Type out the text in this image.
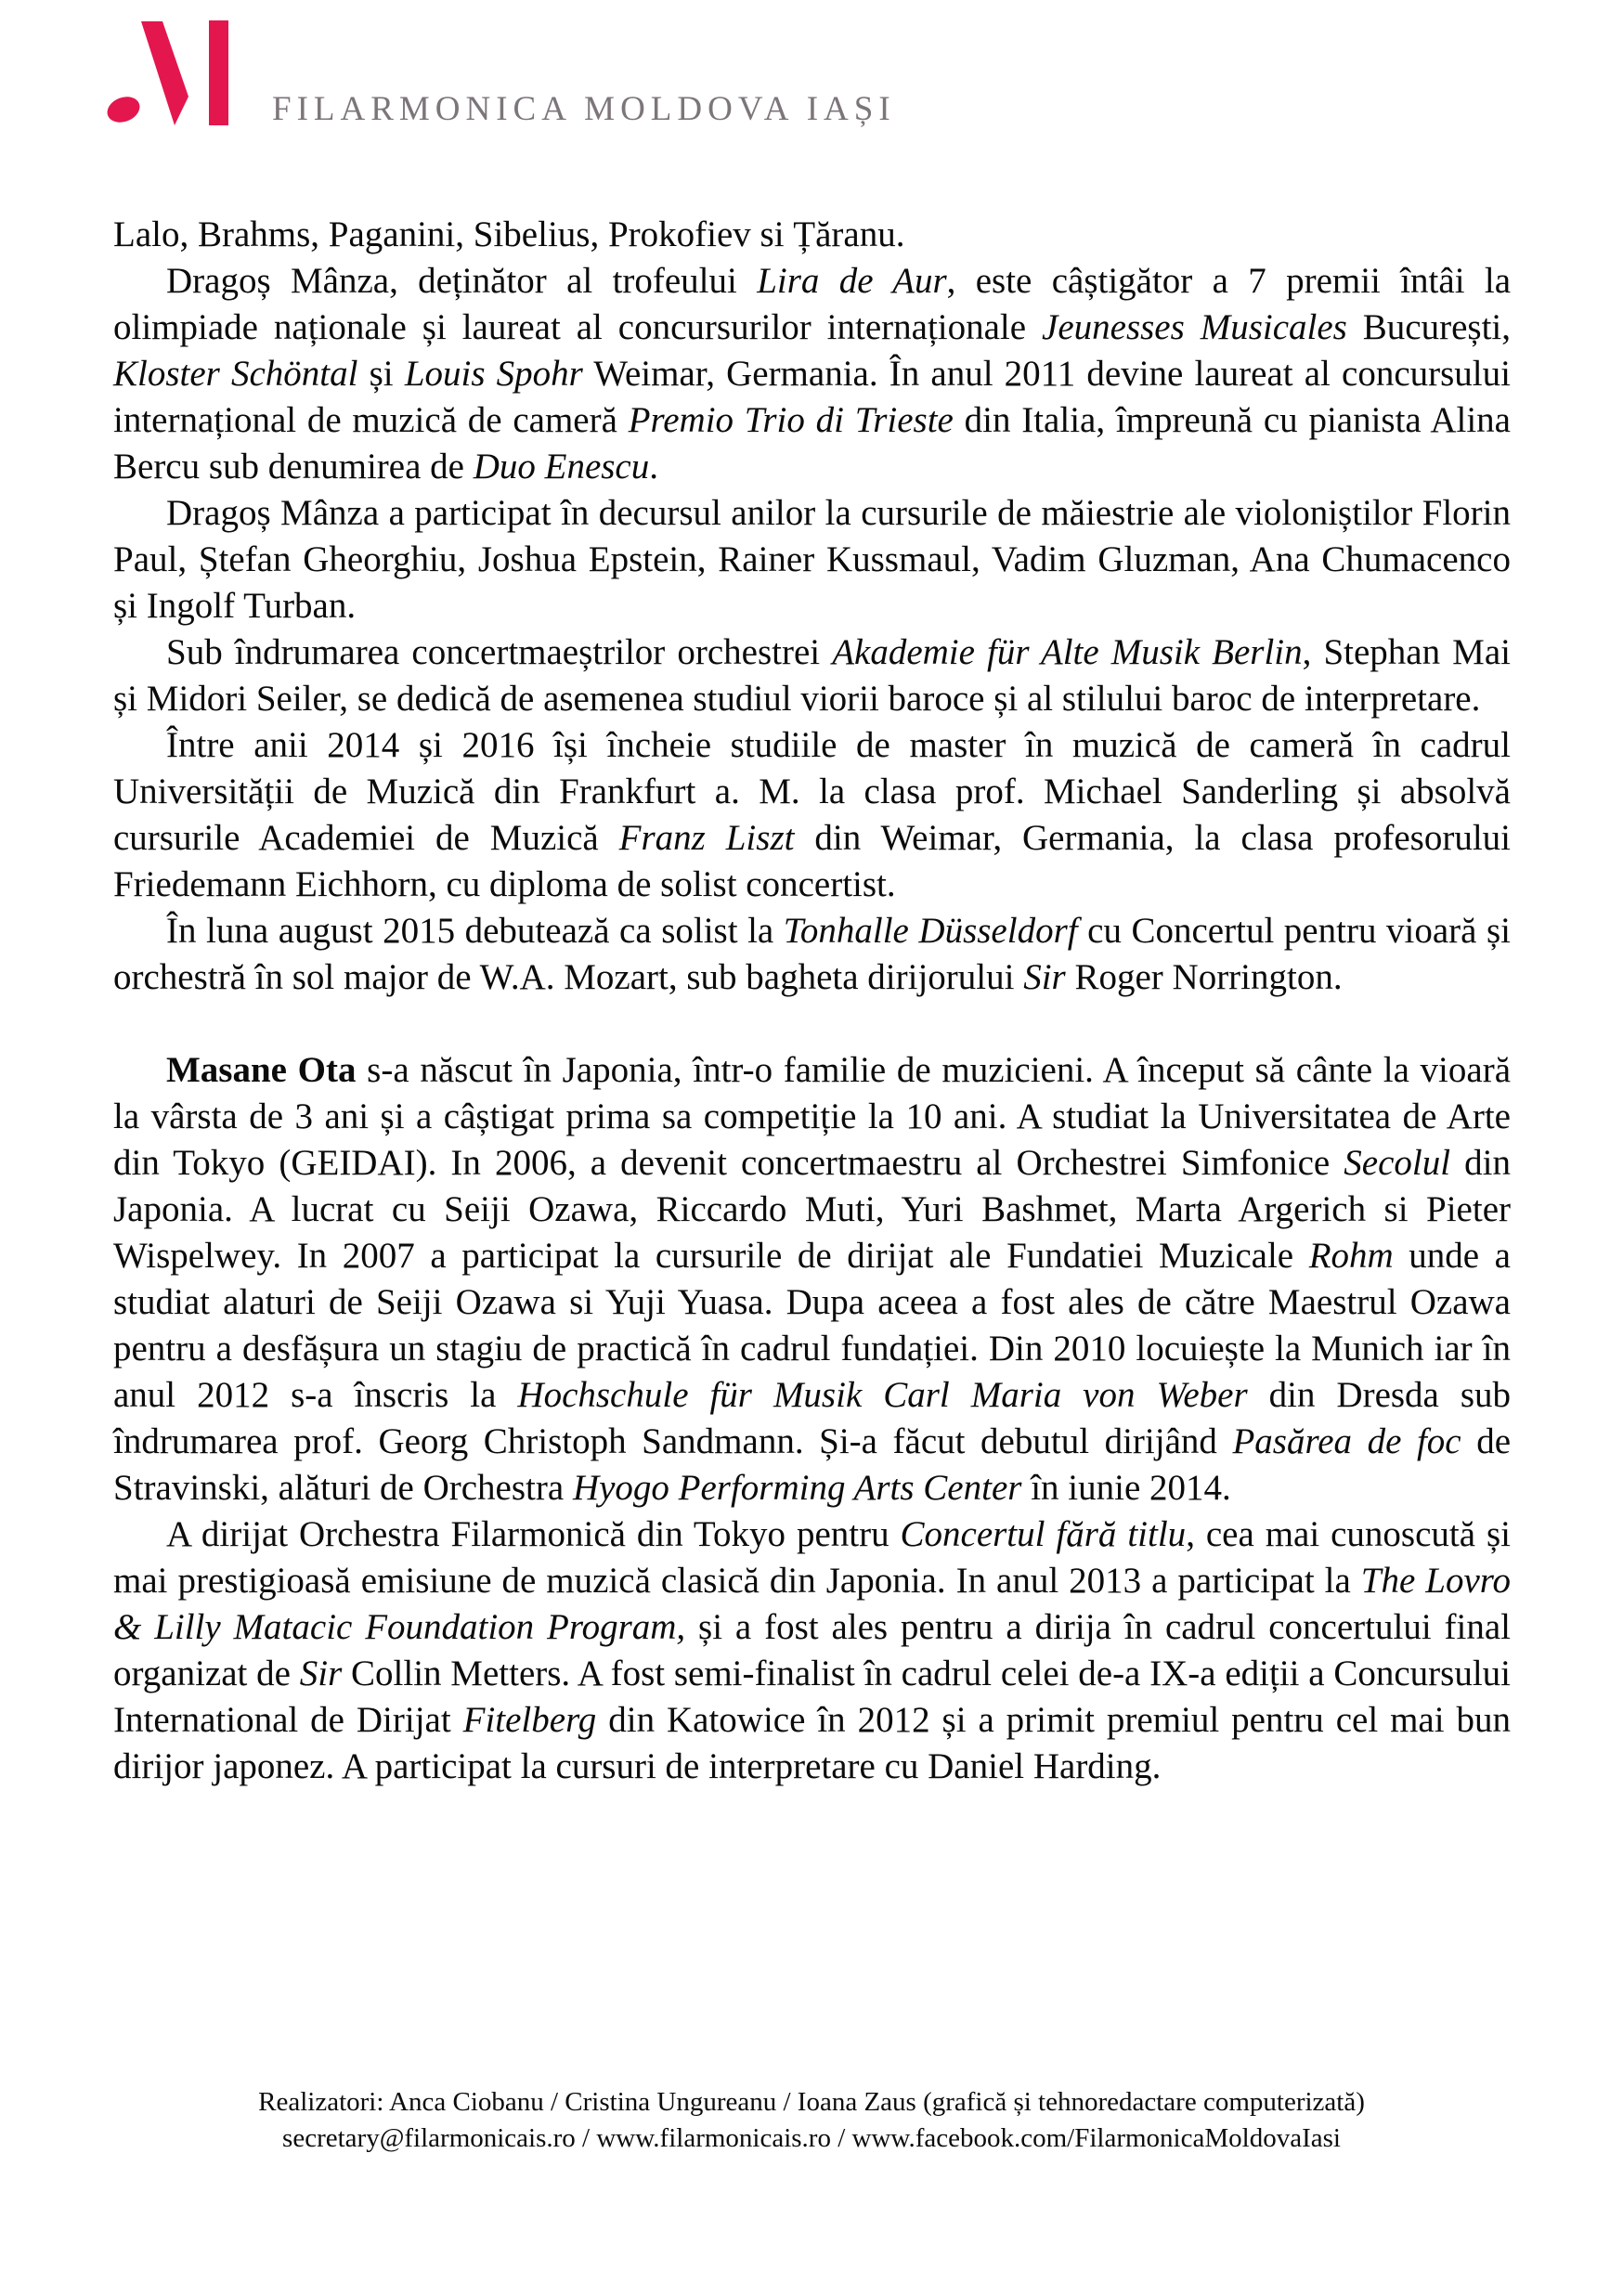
FILARMONICA MOLDOVA IAȘI

Lalo, Brahms, Paganini, Sibelius, Prokofiev si Țăranu.

Dragoș Mânza, deținător al trofeului Lira de Aur, este câștigător a 7 premii întâi la olimpiade naționale și laureat al concursurilor internaționale Jeunesses Musicales București, Kloster Schöntal și Louis Spohr Weimar, Germania. În anul 2011 devine laureat al concursului internațional de muzică de cameră Premio Trio di Trieste din Italia, împreună cu pianista Alina Bercu sub denumirea de Duo Enescu.

Dragoș Mânza a participat în decursul anilor la cursurile de măiestrie ale violoniștilor Florin Paul, Ștefan Gheorghiu, Joshua Epstein, Rainer Kussmaul, Vadim Gluzman, Ana Chumacenco și Ingolf Turban.

Sub îndrumarea concertmaeștrilor orchestrei Akademie für Alte Musik Berlin, Stephan Mai și Midori Seiler, se dedică de asemenea studiul viorii baroce și al stilului baroc de interpretare.

Între anii 2014 și 2016 își încheie studiile de master în muzică de cameră în cadrul Universității de Muzică din Frankfurt a. M. la clasa prof. Michael Sanderling și absolvă cursurile Academiei de Muzică Franz Liszt din Weimar, Germania, la clasa profesorului Friedemann Eichhorn, cu diploma de solist concertist.

În luna august 2015 debutează ca solist la Tonhalle Düsseldorf cu Concertul pentru vioară și orchestră în sol major de W.A. Mozart, sub bagheta dirijorului Sir Roger Norrington.

Masane Ota s-a născut în Japonia, într-o familie de muzicieni. A început să cânte la vioară la vârsta de 3 ani și a câștigat prima sa competiție la 10 ani. A studiat la Universitatea de Arte din Tokyo (GEIDAI). In 2006, a devenit concertmaestru al Orchestrei Simfonice Secolul din Japonia. A lucrat cu Seiji Ozawa, Riccardo Muti, Yuri Bashmet, Marta Argerich si Pieter Wispelwey. In 2007 a participat la cursurile de dirijat ale Fundatiei Muzicale Rohm unde a studiat alaturi de Seiji Ozawa si Yuji Yuasa. Dupa aceea a fost ales de către Maestrul Ozawa pentru a desfășura un stagiu de practică în cadrul fundației. Din 2010 locuiește la Munich iar în anul 2012 s-a înscris la Hochschule für Musik Carl Maria von Weber din Dresda sub îndrumarea prof. Georg Christoph Sandmann. Și-a făcut debutul dirijând Pasărea de foc de Stravinski, alături de Orchestra Hyogo Performing Arts Center în iunie 2014.

A dirijat Orchestra Filarmonică din Tokyo pentru Concertul fără titlu, cea mai cunoscută și mai prestigioasă emisiune de muzică clasică din Japonia. In anul 2013 a participat la The Lovro & Lilly Matacic Foundation Program, și a fost ales pentru a dirija în cadrul concertului final organizat de Sir Collin Metters. A fost semi-finalist în cadrul celei de-a IX-a ediții a Concursului International de Dirijat Fitelberg din Katowice în 2012 și a primit premiul pentru cel mai bun dirijor japonez. A participat la cursuri de interpretare cu Daniel Harding.

Realizatori: Anca Ciobanu / Cristina Ungureanu / Ioana Zaus (grafică și tehnoredactare computerizată)
secretary@filarmonicais.ro / www.filarmonicais.ro / www.facebook.com/FilarmonicaMoldovaIasi
